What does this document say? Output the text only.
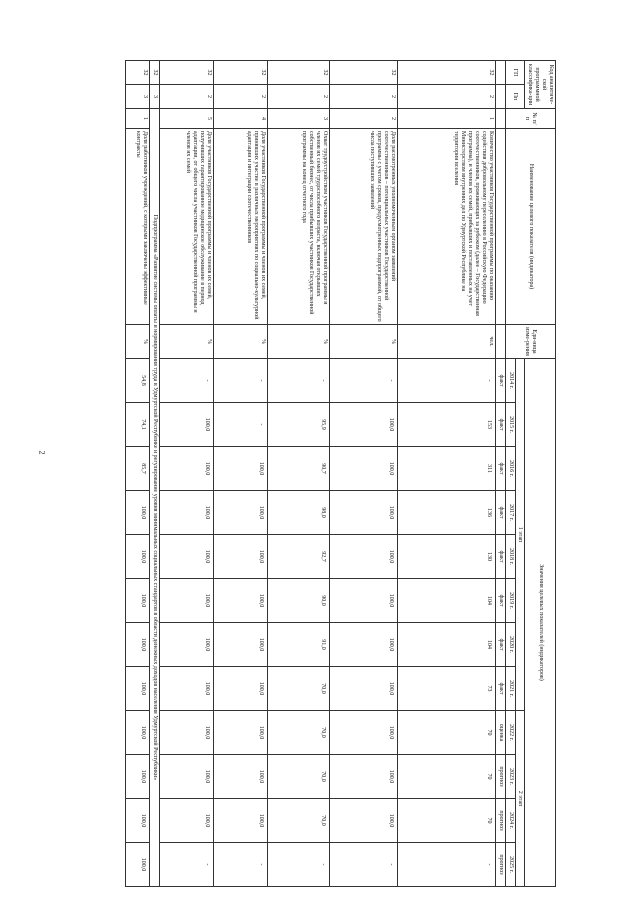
2
Код аналитиче-ской программной классифика-ции		№ п/п	Наименование целевого показателя (индикатора)	Еди-ница изме-рения	Значения целевых показателей (индикаторов)											
ГП	Пп				1 этап								2 этап			
					2014 г.	2015 г.	2016 г.	2017 г.	2018 г.	2019 г.	2020 г.	2021 г.	2022 г.	2023 г.	2024 г.	2025 г.
					факт	факт	факт	факт	факт	факт	факт	факт	оценка	прогноз	прогноз	прогноз
32	2	1	Количество участников Государственной программы по оказанию содействия добровольному переселению в Российскую Федерацию соотечественников, проживающих за рубежом (далее – Государственная программа), и членов их семей, прибывших и поставленных на учет Министерством внутренних дел по Удмуртской Республике на территории вселения	чел.	-	153	311	136	130	104	104	73	70	70	70	-
32	2	2	Доля рассмотренных уполномоченным органом заявлений соотечественников – потенциальных участников Государственной программы с учетом сроков, предусмотренных подпрограммой, от общего числа поступивших заявлений	%	-	100,0	100,0	100,0	100,0	100,0	100,0	100,0	100,0	100,0	100,0	-
32	2	3	Охват трудоустройством участников Государственной программы и членов их семей трудоспособного возраста, включая открывших собственный бизнес, от числа прибывших участников Государственной программы на конец отчетного года	%	-	95,9	90,7	98,0	92,7	90,0	91,0	70,0	70,0	70,0	70,0	-
32	2	4	Доля участников Государственной программы и членов их семей, принявших участие в различных мероприятиях по социально-культурной адаптации и интеграции соотечественников	%	-	-	100,0	100,0	100,0	100,0	100,0	100,0	100,0	100,0	100,0	-
32	2	5	Доля участников Государственной программы и членов их семей, получивших гарантированное медицинское обслуживание в период адаптации, от общего числа участников Государственной программы и членов их семей	%	-	100,0	100,0	100,0	100,0	100,0	100,0	100,0	100,0	100,0	100,0	-
32	3	Подпрограмма «Развитие системы оплаты и нормирования труда в Удмуртской Республике и регулирование уровня минимальных социальных стандартов в области денежных доходов населения Удмуртской Республики»														
32	3	1	Доля работников учреждений, с которыми заключены эффективные контракты	%	54,8	74,1	85,7	100,0	100,0	100,0	100,0	100,0	100,0	100,0	100,0	100,0
